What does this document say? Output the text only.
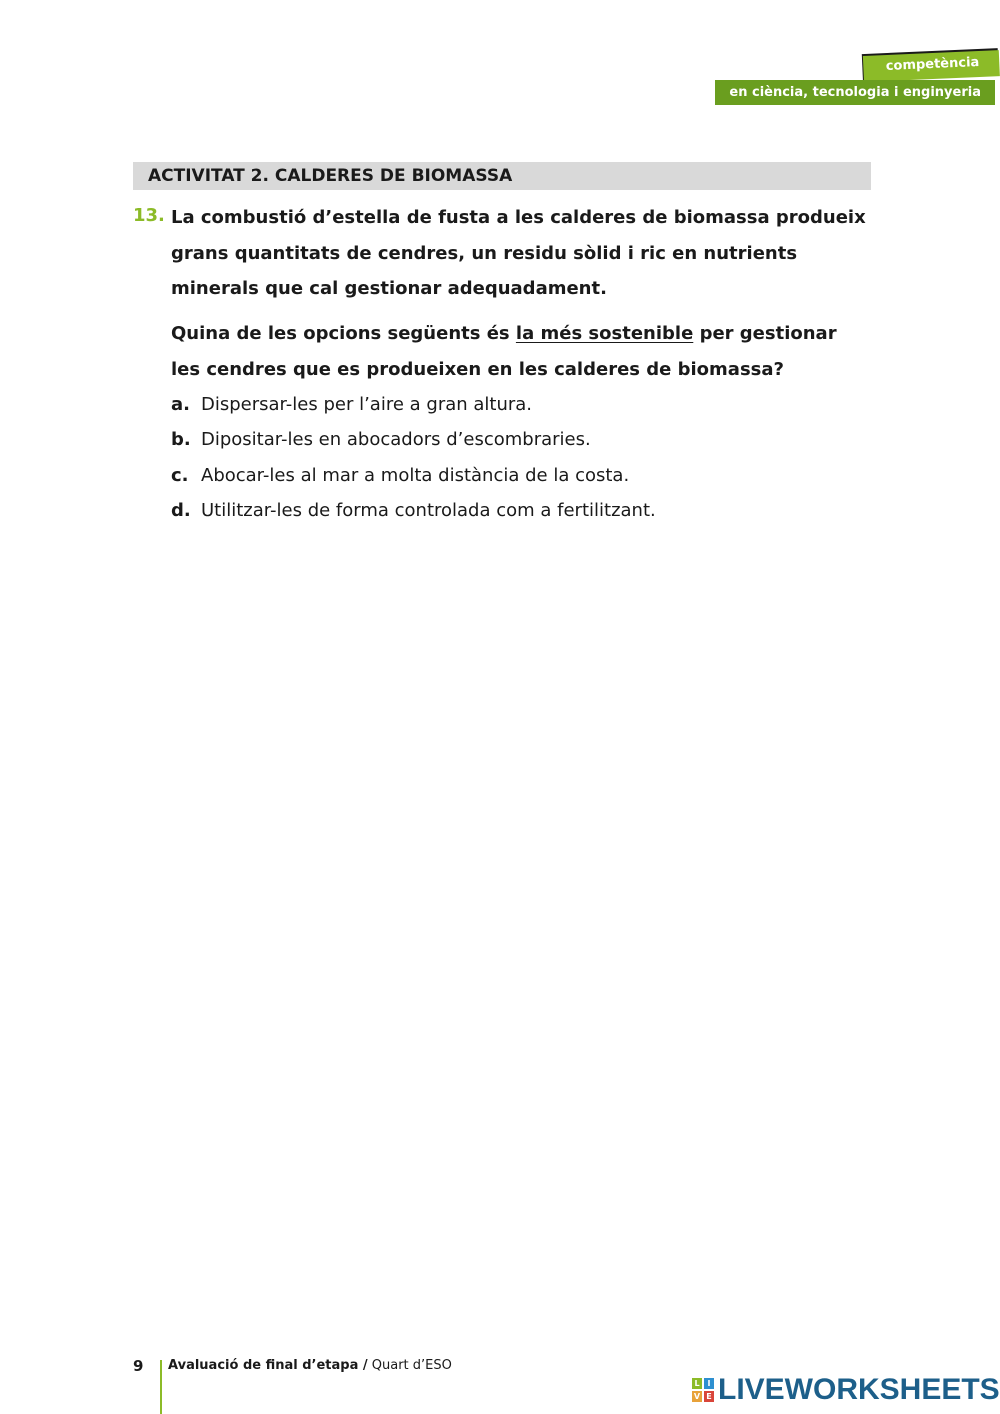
competència
en ciència, tecnologia i enginyeria
ACTIVITAT 2. CALDERES DE BIOMASSA
13. La combustió d’estella de fusta a les calderes de biomassa produeix grans quantitats de cendres, un residu sòlid i ric en nutrients minerals que cal gestionar adequadament.
Quina de les opcions següents és la més sostenible per gestionar les cendres que es produeixen en les calderes de biomassa?
a. Dispersar-les per l’aire a gran altura.
b. Dipositar-les en abocadors d’escombraries.
c. Abocar-les al mar a molta distància de la costa.
d. Utilitzar-les de forma controlada com a fertilitzant.
9 Avaluació de final d’etapa / Quart d’ESO
L I
V E LIVEWORKSHEETS
